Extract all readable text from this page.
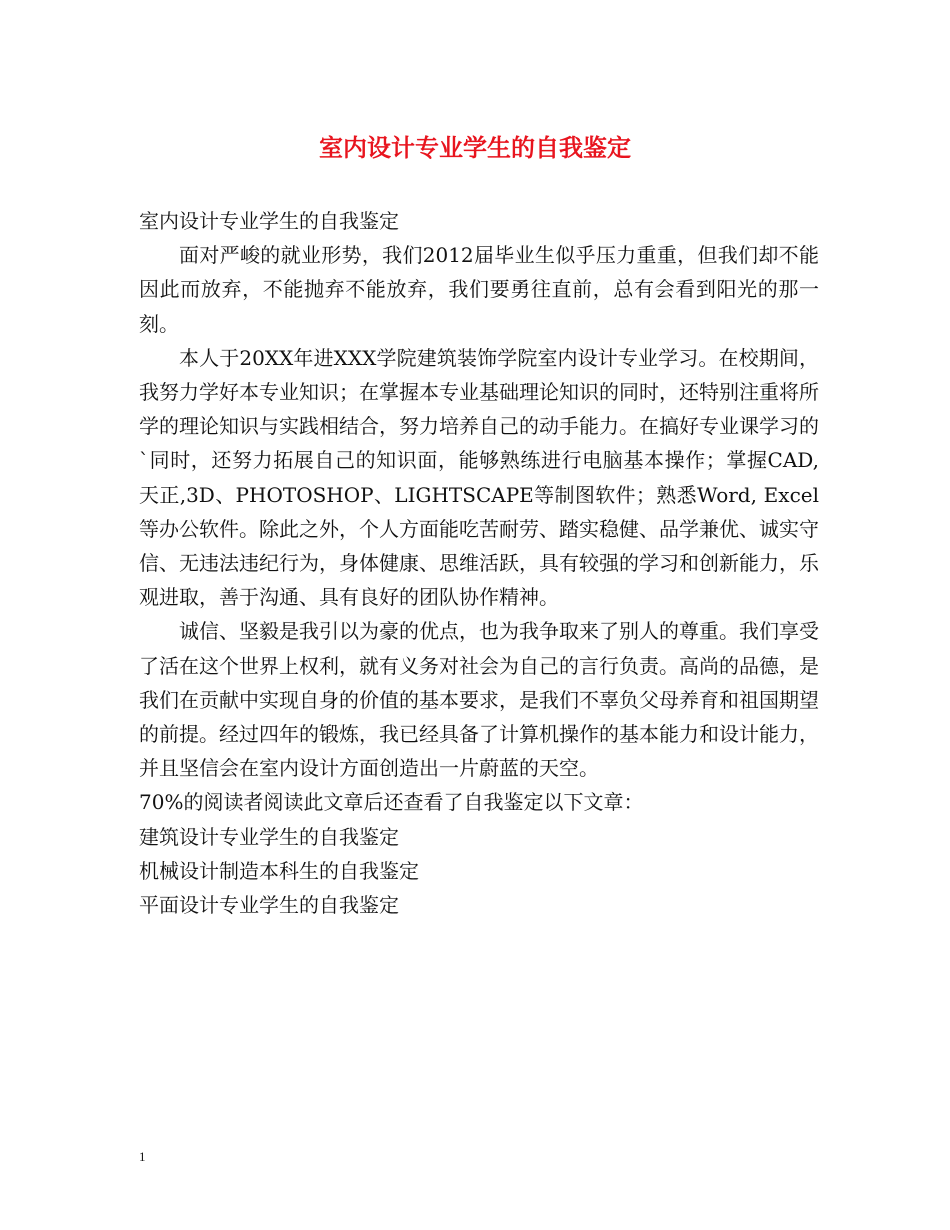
室内设计专业学生的自我鉴定

室内设计专业学生的自我鉴定

面对严峻的就业形势，我们2012届毕业生似乎压力重重，但我们却不能因此而放弃，不能抛弃不能放弃，我们要勇往直前，总有会看到阳光的那一刻。

本人于20XX年进XXX学院建筑装饰学院室内设计专业学习。在校期间，我努力学好本专业知识；在掌握本专业基础理论知识的同时，还特别注重将所学的理论知识与实践相结合，努力培养自己的动手能力。在搞好专业课学习的`同时，还努力拓展自己的知识面，能够熟练进行电脑基本操作；掌握CAD, 天正,3D、PHOTOSHOP、LIGHTSCAPE等制图软件；熟悉Word, Excel 等办公软件。除此之外，个人方面能吃苦耐劳、踏实稳健、品学兼优、诚实守信、无违法违纪行为，身体健康、思维活跃，具有较强的学习和创新能力，乐观进取，善于沟通、具有良好的团队协作精神。

诚信、坚毅是我引以为豪的优点，也为我争取来了别人的尊重。我们享受了活在这个世界上权利，就有义务对社会为自己的言行负责。高尚的品德，是我们在贡献中实现自身的价值的基本要求，是我们不辜负父母养育和祖国期望的前提。经过四年的锻炼，我已经具备了计算机操作的基本能力和设计能力，并且坚信会在室内设计方面创造出一片蔚蓝的天空。

70%的阅读者阅读此文章后还查看了自我鉴定以下文章：

建筑设计专业学生的自我鉴定

机械设计制造本科生的自我鉴定

平面设计专业学生的自我鉴定

1
